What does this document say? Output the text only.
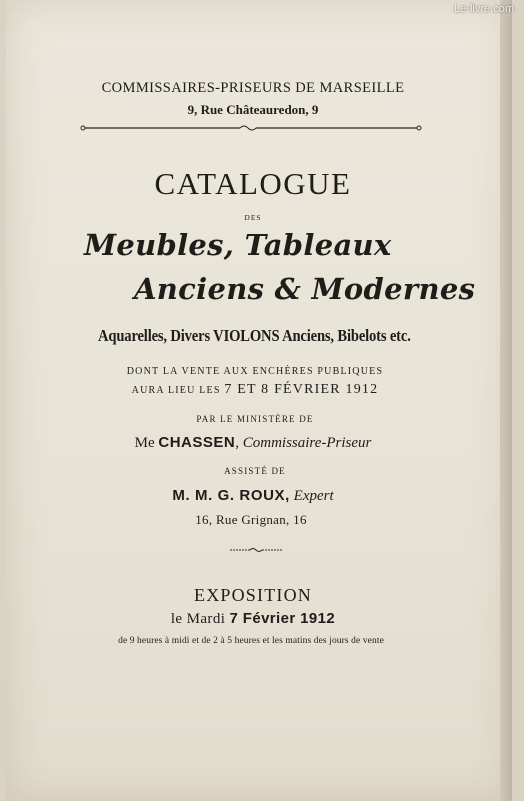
COMMISSAIRES-PRISEURS DE MARSEILLE
9, Rue Châteauredon, 9
CATALOGUE
DES
Meubles, Tableaux
Anciens & Modernes
Aquarelles, Divers VIOLONS Anciens, Bibelots etc.
DONT LA VENTE AUX ENCHÈRES PUBLIQUES
AURA LIEU LES 7 ET 8 FÉVRIER 1912
PAR LE MINISTÈRE DE
Me CHASSEN, Commissaire-Priseur
ASSISTÉ DE
M. M. G. ROUX, Expert
16, Rue Grignan, 16
EXPOSITION
le Mardi 7 Février 1912
de 9 heures à midi et de 2 à 5 heures et les matins des jours de vente
Le-livre.com
